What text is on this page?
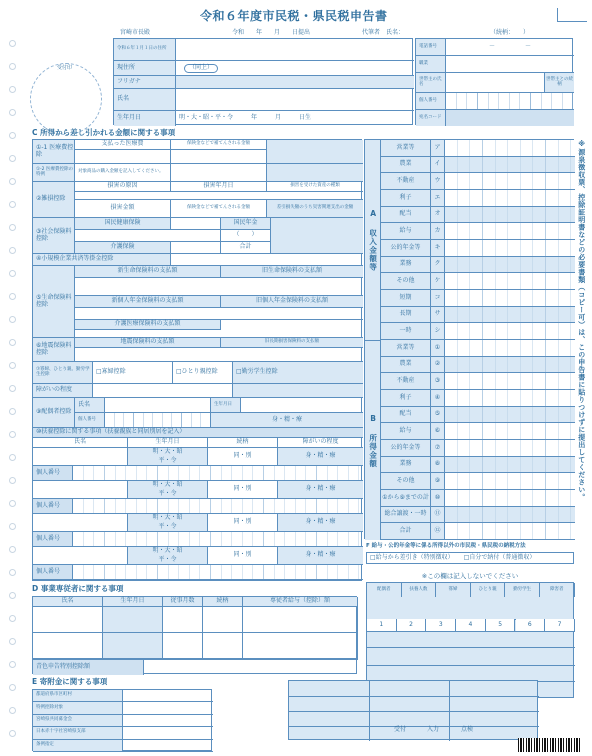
令和６年度市民税・県民税申告書
宮崎市長殿	令和　　年　　月　　日提出	代筆者　氏名：	（続柄：　　）
受付印
令和６年１月１日の住所
現住所	（同上）
フリガナ
氏名
生年月日	明・大・昭・平・令　　　年　　　月　　　日生
電話番号	－　　　　　－
職業
世帯主の氏名
世帯主との続柄
個人番号
宛名コード
C 所得から差し引かれる金額に関する事項
①-1 医療費控除
支払った医療費	保険金などで補てんされる金額
①-2 医療費控除の特例	対象商品の購入金額を記入してください。
②雑損控除
損害の原因	損害年月日	損害を受けた資産の種類
損害金額	保険金などで補てんされる金額	差引損失額のうち災害関連支出の金額
③社会保険料控除
国民健康保険	国民年金
（　　）
介護保険	合計
④小規模企業共済等掛金控除
⑤生命保険料控除
新生命保険料の支払額	旧生命保険料の支払額
新個人年金保険料の支払額	旧個人年金保険料の支払額
介護医療保険料の支払額
⑥地震保険料控除
地震保険料の支払額	旧長期損害保険料の支払額
⑦寡婦、ひとり親、勤労学生控除	□ 寡婦控除	□ ひとり親控除	□ 勤労学生控除
障がいの程度
⑨配偶者控除
氏名	生年月日
個人番号	身・精・療
⑩扶養控除に関する事項（扶養親族と同居別居を記入）
氏名	生年月日	続柄	障がいの程度
明・大・昭
平・令
同・別	身・精・療
個人番号
明・大・昭
平・令
同・別	身・精・療
個人番号
明・大・昭
平・令
同・別	身・精・療
個人番号
明・大・昭
平・令
同・別	身・精・療
個人番号
A 収入金額等
B 所得金額
営業等	ア
農業	イ
不動産	ウ
利子	エ
配当	オ
給与	カ
公的年金等	キ
業務	ク
その他	ケ
短期	コ
長期	サ
一時	シ
営業等	①
農業	②
不動産	③
利子	④
配当	⑤
給与	⑥
公的年金等	⑦
業務	⑧
その他	⑨
①から⑨までの計 ⑩
総合譲渡・一時	⑪
合計	⑫
※源泉徴収票、控除証明書などの必要書類（コピー可）は、この申告書に貼りつけずに提出してください。
F 給与・公的年金等に係る所得以外の市民税・県民税の納税方法
□給与から差引き（特別徴収） □自分で納付（普通徴収）
※この欄は記入しないでください
配偶者	扶養人数	寡婦	ひとり親	勤労学生	障害者
1	2	3	4	5	6	7
D 事業専従者に関する事項
青色申告特別控除額
氏名	生年月日	従事月数	続柄	専従者給与（控除）額
E 寄附金に関する事項
都道府県市区町村
特例控除対象
宮崎県共同募金会
日本赤十字社宮崎県支部
条例指定
受付	入力	点検
